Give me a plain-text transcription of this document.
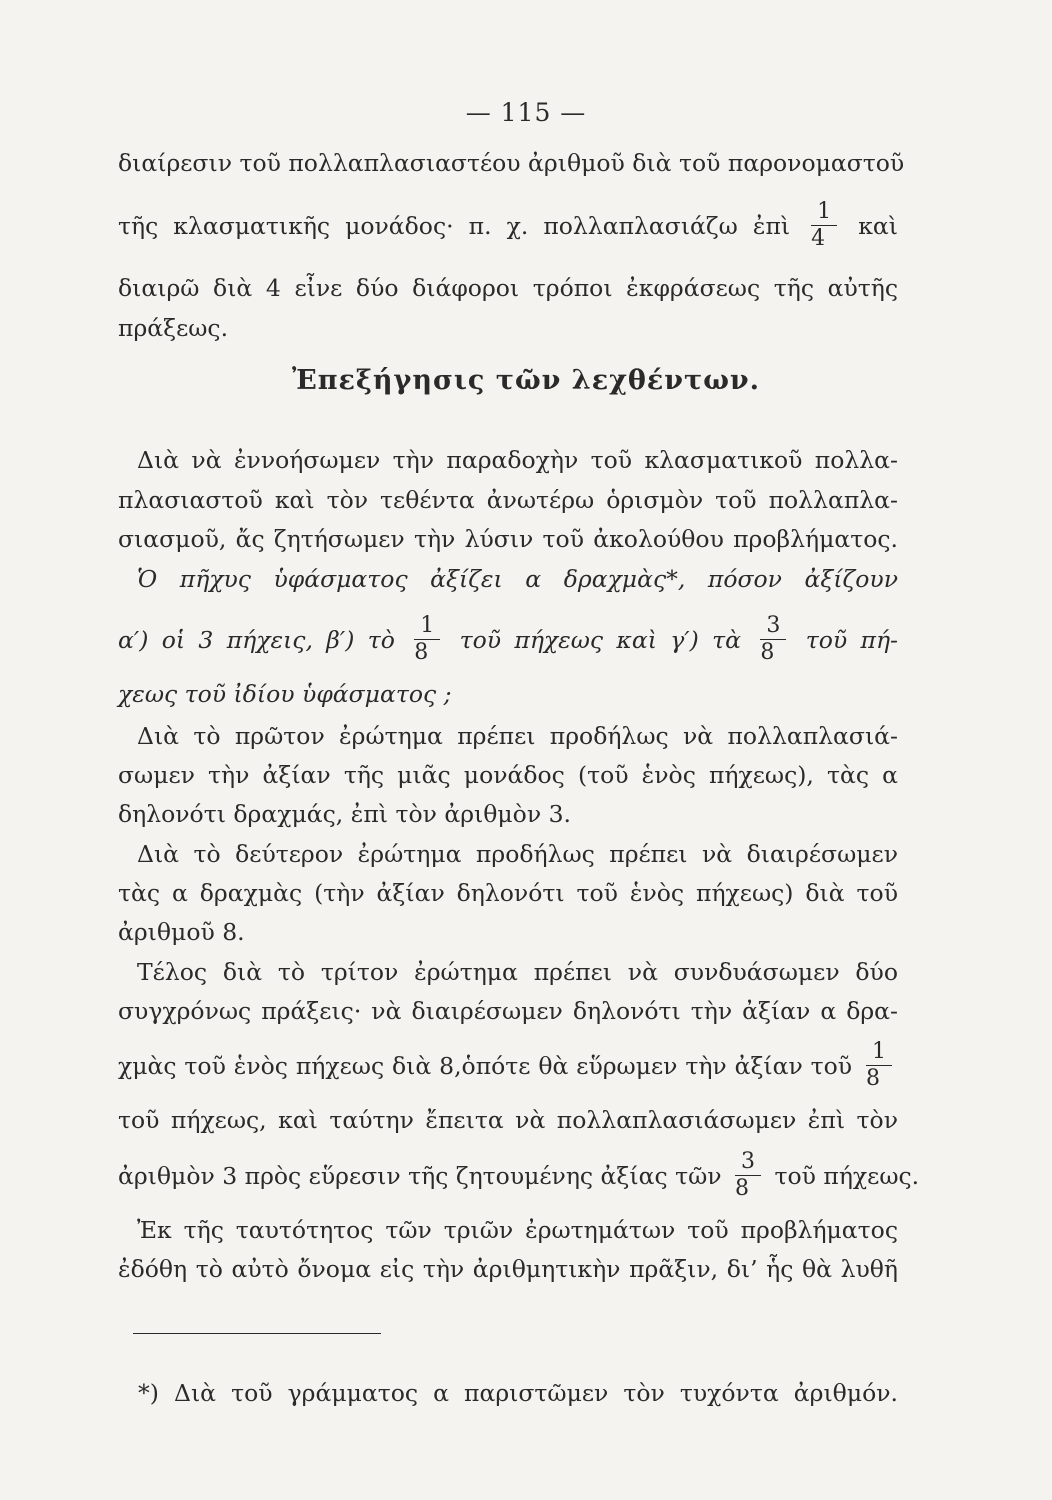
— 115 —
διαίρεσιν τοῦ πολλαπλασιαστέου ἀριθμοῦ διὰ τοῦ παρονομαστοῦ
τῆς κλασματικῆς μονάδος· π. χ. πολλαπλασιάζω ἐπὶ $\frac{1}{4}$ καὶ
διαιρῶ διὰ 4 εἶνε δύο διάφοροι τρόποι ἐκφράσεως τῆς αὐτῆς
πράξεως.
Ἐπεξήγησις τῶν λεχθέντων.
Διὰ νὰ ἐννοήσωμεν τὴν παραδοχὴν τοῦ κλασματικοῦ πολλα-
πλασιαστοῦ καὶ τὸν τεθέντα ἀνωτέρω ὁρισμὸν τοῦ πολλαπλα-
σιασμοῦ, ἄς ζητήσωμεν τὴν λύσιν τοῦ ἀκολούθου προβλήματος.
Ὁ πῆχυς ὑφάσματος ἀξίζει α δραχμὰς*, πόσον ἀξίζουν
α′) οἱ 3 πήχεις, β′) τὸ $\frac{1}{8}$ τοῦ πήχεως καὶ γ′) τὰ $\frac{3}{8}$ τοῦ πή-
χεως τοῦ ἰδίου ὑφάσματος ;
Διὰ τὸ πρῶτον ἐρώτημα πρέπει προδήλως νὰ πολλαπλασιά-
σωμεν τὴν ἀξίαν τῆς μιᾶς μονάδος (τοῦ ἑνὸς πήχεως), τὰς α
δηλονότι δραχμάς, ἐπὶ τὸν ἀριθμὸν 3.
Διὰ τὸ δεύτερον ἐρώτημα προδήλως πρέπει νὰ διαιρέσωμεν
τὰς α δραχμὰς (τὴν ἀξίαν δηλονότι τοῦ ἑνὸς πήχεως) διὰ τοῦ
ἀριθμοῦ 8.
Τέλος διὰ τὸ τρίτον ἐρώτημα πρέπει νὰ συνδυάσωμεν δύο
συγχρόνως πράξεις· νὰ διαιρέσωμεν δηλονότι τὴν ἀξίαν α δρα-
χμὰς τοῦ ἑνὸς πήχεως διὰ 8,ὁπότε θὰ εὕρωμεν τὴν ἀξίαν τοῦ $\frac{1}{8}$
τοῦ πήχεως, καὶ ταύτην ἔπειτα νὰ πολλαπλασιάσωμεν ἐπὶ τὸν
ἀριθμὸν 3 πρὸς εὕρεσιν τῆς ζητουμένης ἀξίας τῶν $\frac{3}{8}$ τοῦ πήχεως.
Ἐκ τῆς ταυτότητος τῶν τριῶν ἐρωτημάτων τοῦ προβλήματος
ἐδόθη τὸ αὐτὸ ὄνομα εἰς τὴν ἀριθμητικὴν πρᾶξιν, δι’ ἧς θὰ λυθῆ
*) Διὰ τοῦ γράμματος α παριστῶμεν τὸν τυχόντα ἀριθμόν.
